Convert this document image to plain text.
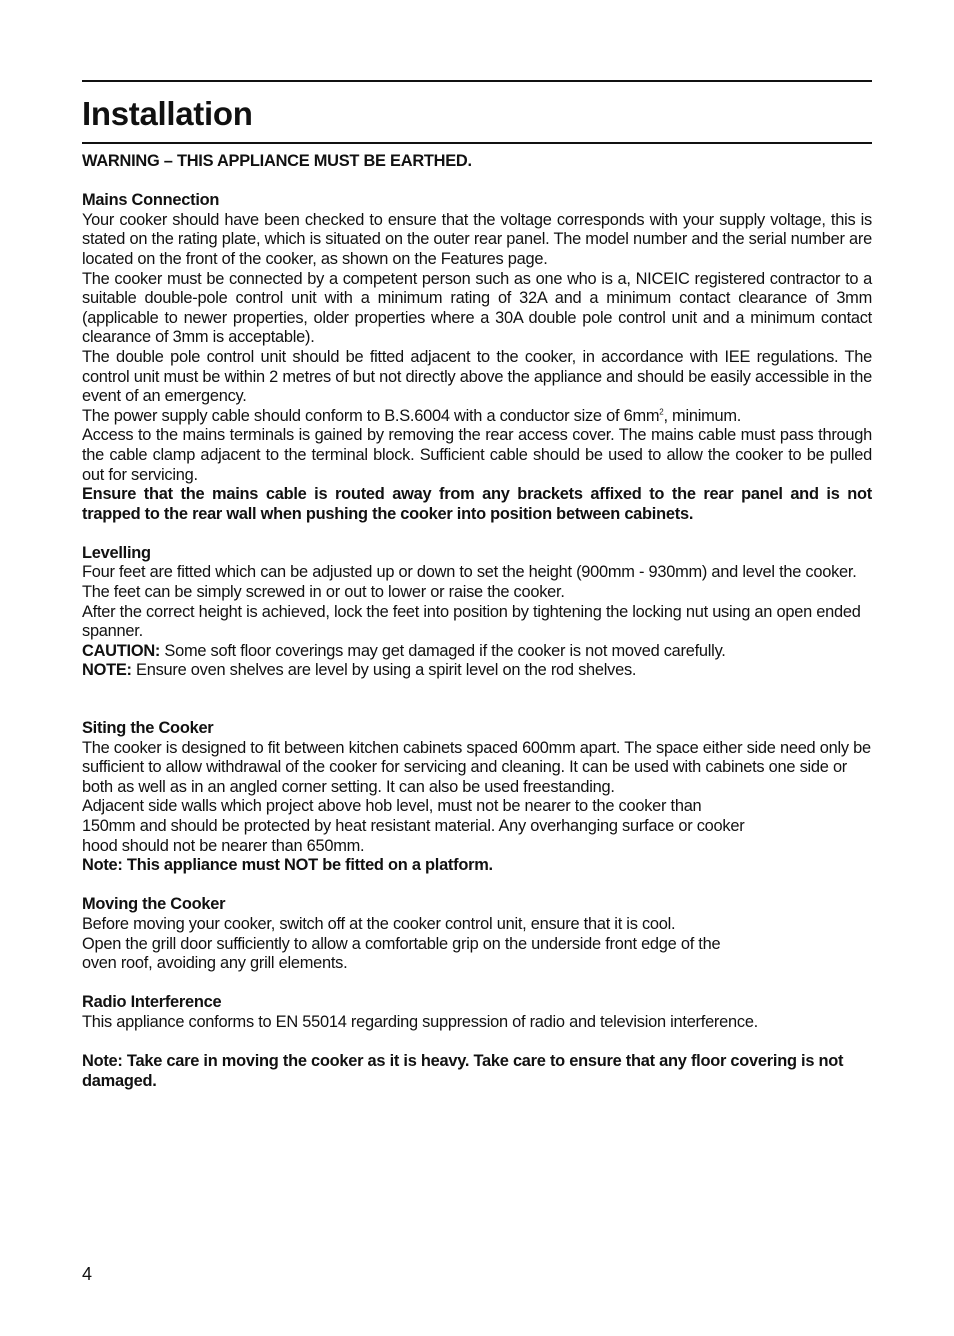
Installation

WARNING – THIS APPLIANCE MUST BE EARTHED.

Mains Connection

Your cooker should have been checked to ensure that the voltage corresponds with your supply voltage, this is stated on the rating plate, which is situated on the outer rear panel. The model number and the serial number are located on the front of the cooker, as shown on the Features page.

The cooker must be connected by a competent person such as one who is a, NICEIC registered contractor to a suitable double-pole control unit with a minimum rating of 32A and a minimum contact clearance of 3mm (applicable to newer properties, older properties where a 30A double pole control unit and a minimum contact clearance of 3mm is acceptable).

The double pole control unit should be fitted adjacent to the cooker, in accordance with IEE regulations. The control unit must be within 2 metres of but not directly above the appliance and should be easily accessible in the event of an emergency.

The power supply cable should conform to B.S.6004 with a conductor size of $6mm^2$, minimum.

Access to the mains terminals is gained by removing the rear access cover. The mains cable must pass through the cable clamp adjacent to the terminal block. Sufficient cable should be used to allow the cooker to be pulled out for servicing.

Ensure that the mains cable is routed away from any brackets affixed to the rear panel and is not trapped to the rear wall when pushing the cooker into position between cabinets.

Levelling

Four feet are fitted which can be adjusted up or down to set the height (900mm - 930mm) and level the cooker.

The feet can be simply screwed in or out to lower or raise the cooker.

After the correct height is achieved, lock the feet into position by tightening the locking nut using an open ended spanner.

CAUTION: Some soft floor coverings may get damaged if the cooker is not moved carefully.

NOTE: Ensure oven shelves are level by using a spirit level on the rod shelves.

Siting the Cooker

The cooker is designed to fit between kitchen cabinets spaced 600mm apart. The space either side need only be sufficient to allow withdrawal of the cooker for servicing and cleaning. It can be used with cabinets one side or both as well as in an angled corner setting. It can also be used freestanding.

Adjacent side walls which project above hob level, must not be nearer to the cooker than

150mm and should be protected by heat resistant material. Any overhanging surface or cooker

hood should not be nearer than 650mm.

Note: This appliance must NOT be fitted on a platform.

Moving the Cooker

Before moving your cooker, switch off at the cooker control unit, ensure that it is cool.

Open the grill door sufficiently to allow a comfortable grip on the underside front edge of the

oven roof, avoiding any grill elements.

Radio Interference

This appliance conforms to EN 55014 regarding suppression of radio and television interference.

Note: Take care in moving the cooker as it is heavy. Take care to ensure that any floor covering is not damaged.

4
